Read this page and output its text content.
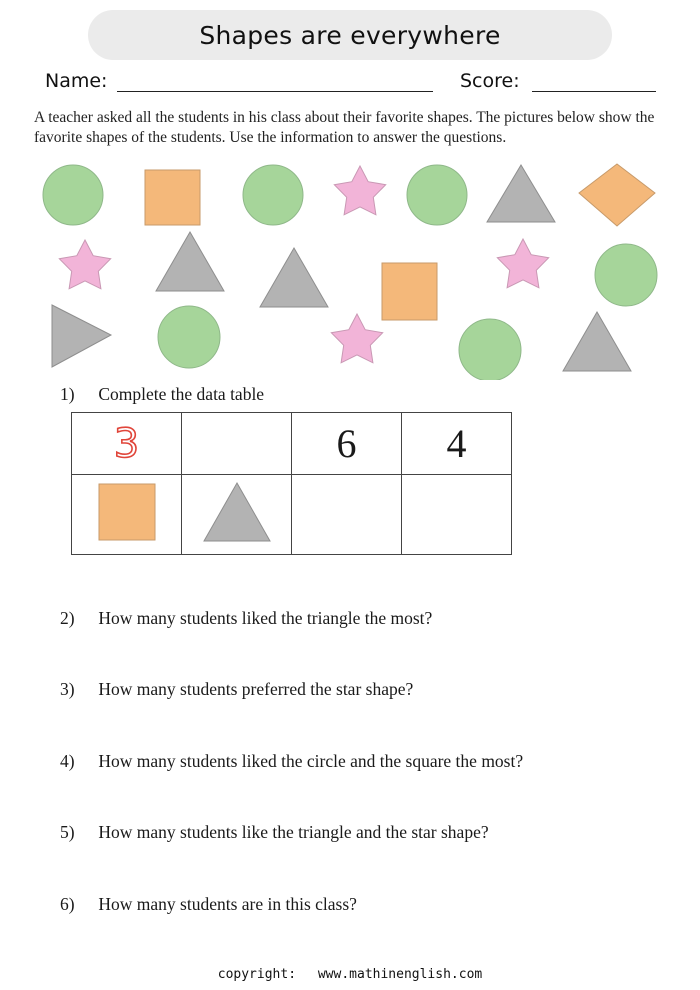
Shapes are everywhere
Name:	Score:
A teacher asked all the students in his class about their favorite shapes. The pictures below show the favorite shapes of the students. Use the information to answer the questions.
1) Complete the data table
3		6	4

2) How many students liked the triangle the most?
3) How many students preferred the star shape?
4) How many students liked the circle and the square the most?
5) How many students like the triangle and the star shape?
6) How many students are in this class?
copyright: www.mathinenglish.com
